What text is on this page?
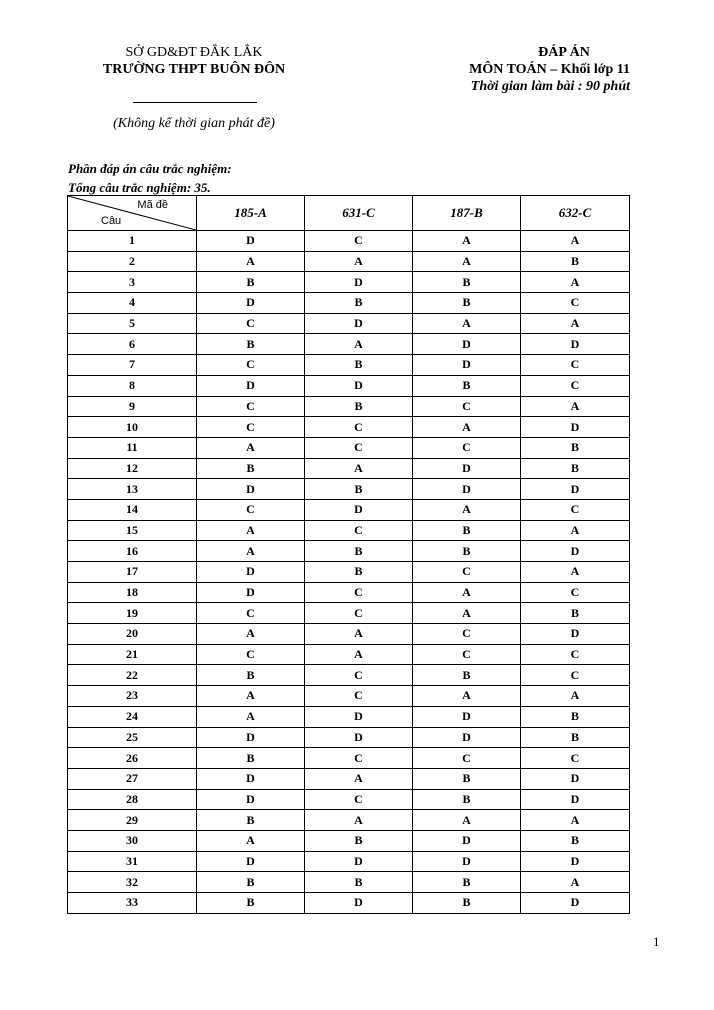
SỞ GD&ĐT ĐẮK LẮK
TRƯỜNG THPT BUÔN ĐÔN
(Không kể thời gian phát đề)
ĐÁP ÁN
MÔN TOÁN – Khối lớp 11
Thời gian làm bài : 90 phút
Phần đáp án câu trắc nghiệm:
Tổng câu trắc nghiệm: 35.
Mã đề
Câu	185-A	631-C	187-B	632-C
1	D	C	A	A
2	A	A	A	B
3	B	D	B	A
4	D	B	B	C
5	C	D	A	A
6	B	A	D	D
7	C	B	D	C
8	D	D	B	C
9	C	B	C	A
10	C	C	A	D
11	A	C	C	B
12	B	A	D	B
13	D	B	D	D
14	C	D	A	C
15	A	C	B	A
16	A	B	B	D
17	D	B	C	A
18	D	C	A	C
19	C	C	A	B
20	A	A	C	D
21	C	A	C	C
22	B	C	B	C
23	A	C	A	A
24	A	D	D	B
25	D	D	D	B
26	B	C	C	C
27	D	A	B	D
28	D	C	B	D
29	B	A	A	A
30	A	B	D	B
31	D	D	D	D
32	B	B	B	A
33	B	D	B	D
1
